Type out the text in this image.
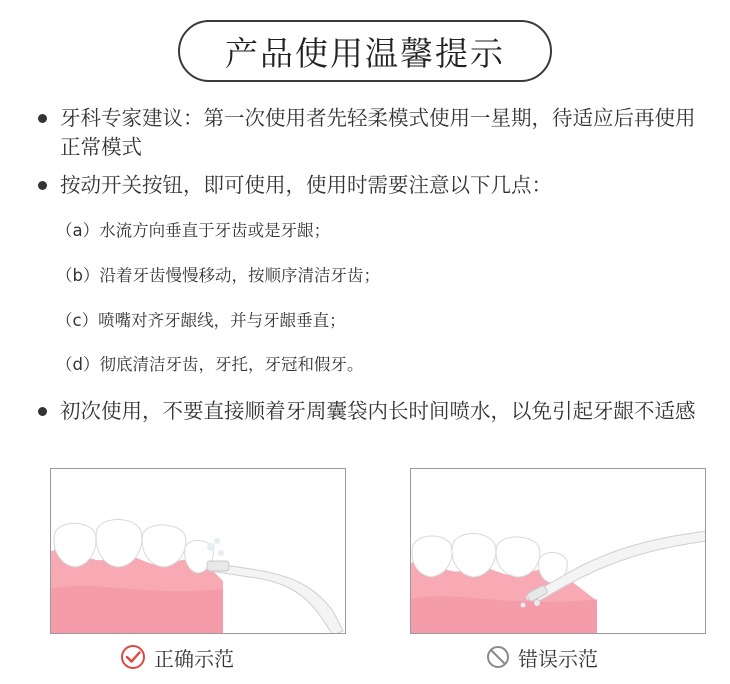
产品使用温馨提示
牙科专家建议：第一次使用者先轻柔模式使用一星期，待适应后再使用正常模式
按动开关按钮，即可使用，使用时需要注意以下几点：
（a）水流方向垂直于牙齿或是牙龈；
（b）沿着牙齿慢慢移动，按顺序清洁牙齿；
（c）喷嘴对齐牙龈线，并与牙龈垂直；
（d）彻底清洁牙齿，牙托，牙冠和假牙。
初次使用，不要直接顺着牙周囊袋内长时间喷水，以免引起牙龈不适感
正确示范	错误示范
